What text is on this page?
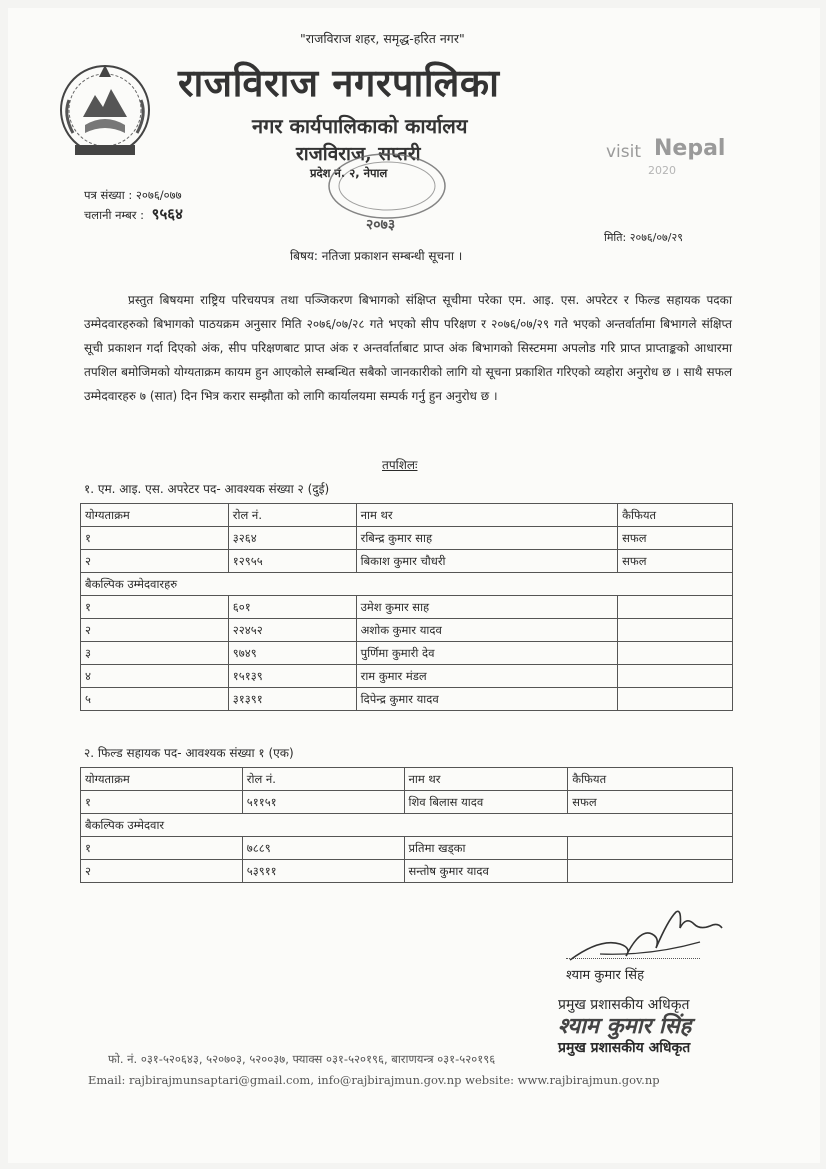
"राजविराज शहर, समृद्ध-हरित नगर"
राजविराज नगरपालिका
नगर कार्यपालिकाको कार्यालय
राजविराज, सप्तरी
प्रदेश नं. २, नेपाल
२०७३
visit Nepal
2020
पत्र संख्या : २०७६/०७७
चलानी नम्बर : ९५६४
मिति: २०७६/०७/२९
बिषय: नतिजा प्रकाशन सम्बन्धी सूचना ।
प्रस्तुत बिषयमा राष्ट्रिय परिचयपत्र तथा पञ्जिकरण बिभागको संक्षिप्त सूचीमा परेका एम. आइ. एस. अपरेटर र फिल्ड सहायक पदका उम्मेदवारहरुको बिभागको पाठयक्रम अनुसार मिति २०७६/०७/२८ गते भएको सीप परिक्षण र २०७६/०७/२९ गते भएको अन्तर्वार्तामा बिभागले संक्षिप्त सूची प्रकाशन गर्दा दिएको अंक, सीप परिक्षणबाट प्राप्त अंक र अन्तर्वार्ताबाट प्राप्त अंक बिभागको सिस्टममा अपलोड गरि प्राप्त प्राप्ताङ्कको आधारमा तपशिल बमोजिमको योग्यताक्रम कायम हुन आएकोले सम्बन्धित सबैको जानकारीको लागि यो सूचना प्रकाशित गरिएको व्यहोरा अनुरोध छ । साथै सफल उम्मेदवारहरु ७ (सात) दिन भित्र करार सम्झौता को लागि कार्यालयमा सम्पर्क गर्नु हुन अनुरोध छ ।
तपशिलः
१. एम. आइ. एस. अपरेटर पद- आवश्यक संख्या २ (दुई)
योग्यताक्रम	रोल नं.	नाम थर	कैफियत
१	३२६४	रबिन्द्र कुमार साह	सफल
२	१२९५५	बिकाश कुमार चौधरी	सफल
बैकल्पिक उम्मेदवारहरु			
१	६०१	उमेश कुमार साह	
२	२२४५२	अशोक कुमार यादव	
३	९७४९	पुर्णिमा कुमारी देव	
४	१५१३९	राम कुमार मंडल	
५	३१३९१	दिपेन्द्र कुमार यादव	
२. फिल्ड सहायक पद- आवश्यक संख्या १ (एक)
योग्यताक्रम	रोल नं.	नाम थर	कैफियत
१	५११५१	शिव बिलास यादव	सफल
बैकल्पिक उम्मेदवार			
१	७८८९	प्रतिमा खड्का	
२	५३९११	सन्तोष कुमार यादव	
श्याम कुमार सिंह
प्रमुख प्रशासकीय अधिकृत
श्याम कुमार सिंह
प्रमुख प्रशासकीय अधिकृत
फो. नं. ०३१-५२०६४३, ५२०७०३, ५२००३७, फ्याक्स ०३१-५२०१९६, बाराणयन्त्र ०३१-५२०१९६
Email: rajbirajmunsaptari@gmail.com, info@rajbirajmun.gov.np website: www.rajbirajmun.gov.np
